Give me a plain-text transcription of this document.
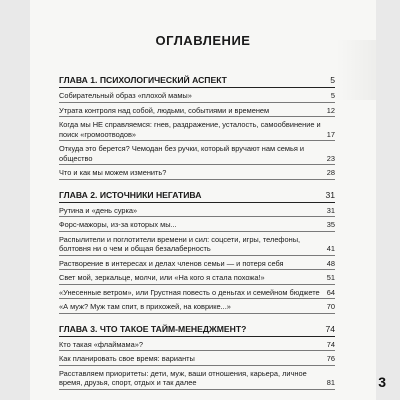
ОГЛАВЛЕНИЕ
ГЛАВА 1. ПСИХОЛОГИЧЕСКИЙ АСПЕКТ	5
Собирательный образ «плохой мамы»	5
Утрата контроля над собой, людьми, событиями и временем	12
Когда мы НЕ справляемся: гнев, раздражение, усталость, самообвинение и поиск «громоотводов»	17
Откуда это берется? Чемодан без ручки, который вручают нам семья и общество	23
Что и как мы можем изменить?	28
ГЛАВА 2. ИСТОЧНИКИ НЕГАТИВА	31
Рутина и «день сурка»	31
Форс-мажоры, из-за которых мы...	35
Распылители и поглотители времени и сил: соцсети, игры, телефоны, болтовня ни о чем и общая безалаберность	41
Растворение в интересах и делах членов семьи — и потеря себя	48
Свет мой, зеркальце, молчи, или «На кого я стала похожа!»	51
«Унесенные ветром», или Грустная повесть о деньгах и семейном бюджете 64
«А муж? Муж там спит, в прихожей, на коврике...»	70
ГЛАВА 3. ЧТО ТАКОЕ ТАЙМ-МЕНЕДЖМЕНТ?	74
Кто такая «флаймама»?	74
Как планировать свое время: варианты	76
Расставляем приоритеты: дети, муж, ваши отношения, карьера, личное время, друзья, спорт, отдых и так далее	81	3
